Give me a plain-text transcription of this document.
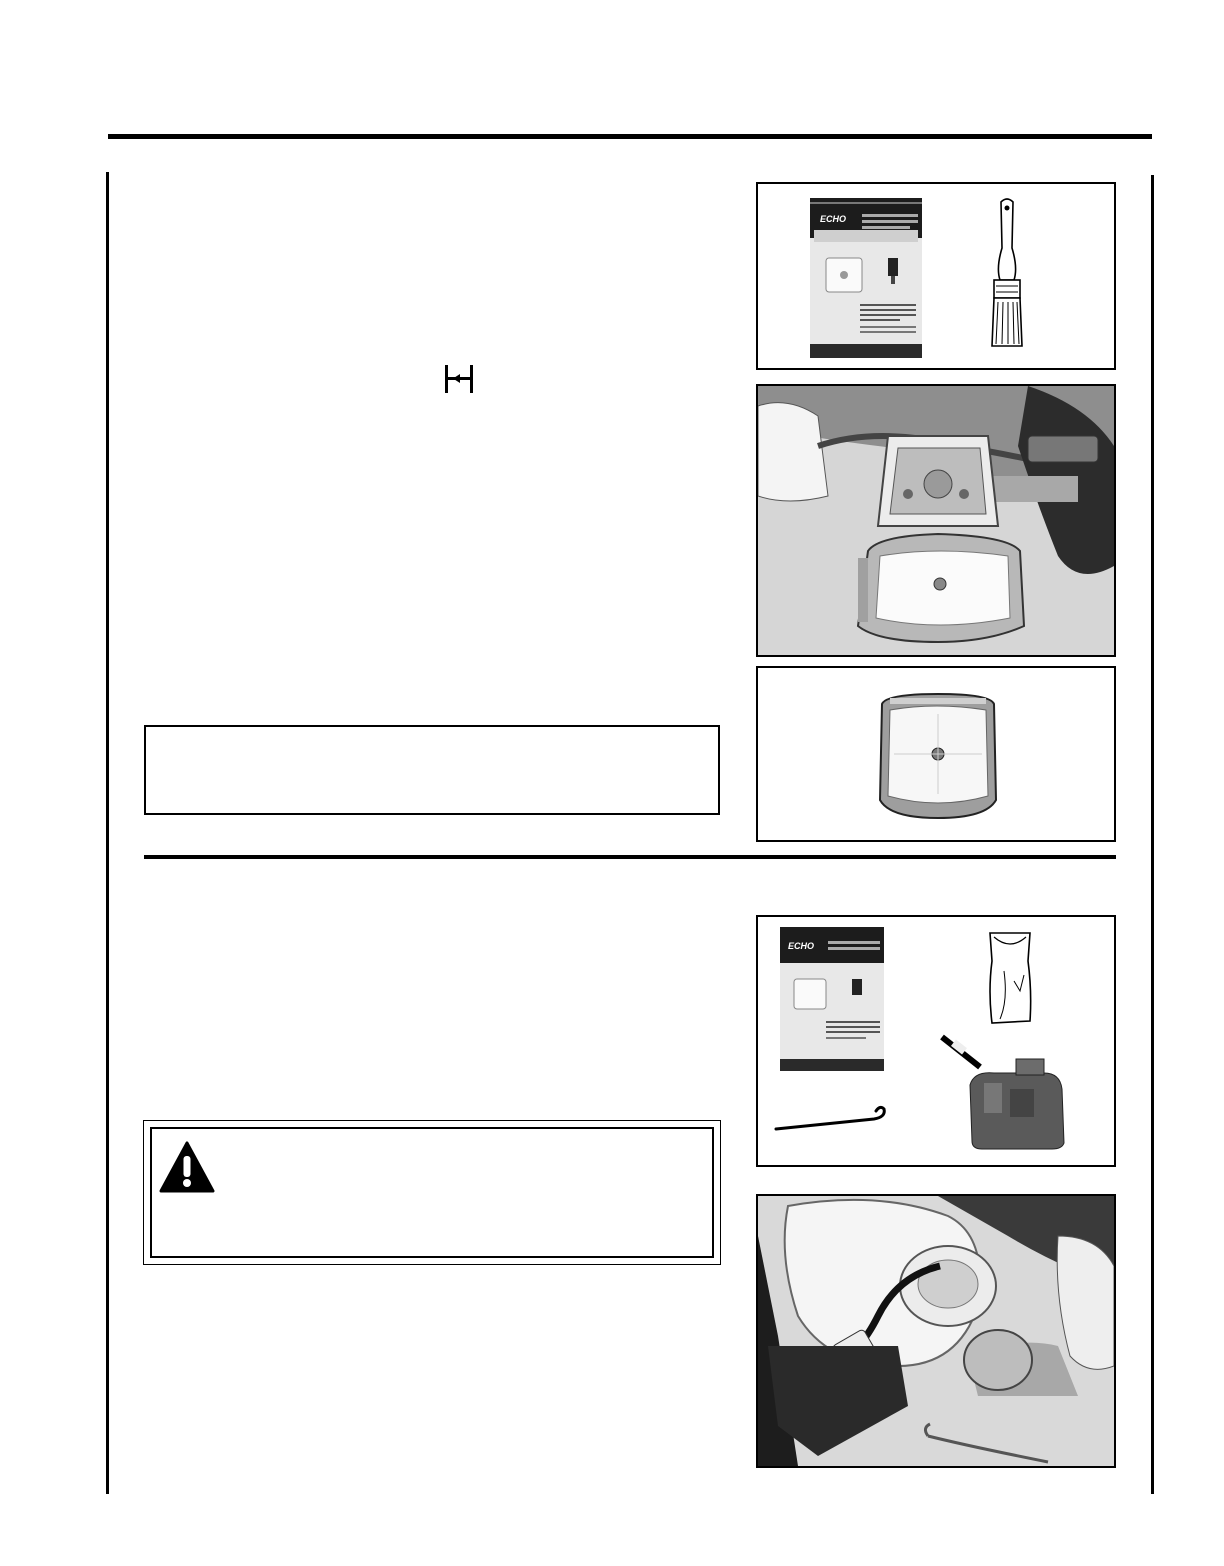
ECHO
ECHO
